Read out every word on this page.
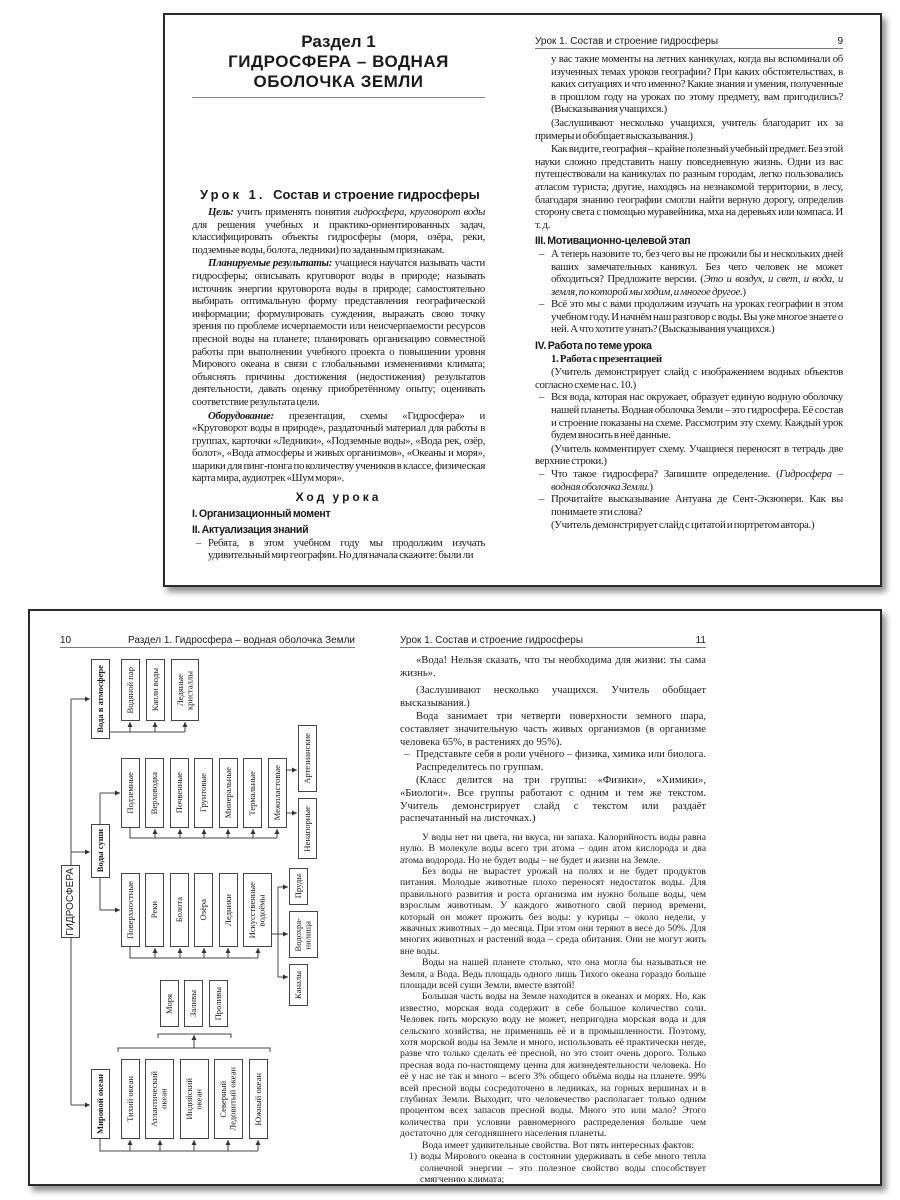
Раздел 1
ГИДРОСФЕРА – ВОДНАЯ ОБОЛОЧКА ЗЕМЛИ
Урок 1. Состав и строение гидросферы

Цель: учить применять понятия гидросфера, круговорот воды для решения учебных и практико-ориентированных задач, классифицировать объекты гидросферы (моря, озёра, реки, подземные воды, болота, ледники) по заданным признакам.

Планируемые результаты: учащиеся научатся называть части гидросферы; описывать круговорот воды в природе; называть источник энергии круговорота воды в природе; самостоятельно выбирать оптимальную форму представления географической информации; формулировать суждения, выражать свою точку зрения по проблеме исчерпаемости или неисчерпаемости ресурсов пресной воды на планете; планировать организацию совместной работы при выполнении учебного проекта о повышении уровня Мирового океана в связи с глобальными изменениями климата; объяснять причины достижения (недостижения) результатов деятельности, давать оценку приобретённому опыту; оценивать соответствие результата цели.

Оборудование: презентация, схемы «Гидросфера» и «Круговорот воды в природе», раздаточный материал для работы в группах, карточки «Ледники», «Подземные воды», «Вода рек, озёр, болот», «Вода атмосферы и живых организмов», «Океаны и моря», шарики для пинг-понга по количеству учеников в классе, физическая карта мира, аудиотрек «Шум моря».

Ход урока

I. Организационный момент

II. Актуализация знаний

– Ребята, в этом учебном году мы продолжим изучать удивительный мир географии. Но для начала скажите: были ли

Урок 1. Состав и строение гидросферы	9

у вас такие моменты на летних каникулах, когда вы вспоминали об изученных темах уроков географии? При каких обстоятельствах, в каких ситуациях и что именно? Какие знания и умения, полученные в прошлом году на уроках по этому предмету, вам пригодились? (Высказывания учащихся.)

(Заслушивают несколько учащихся, учитель благодарит их за примеры и обобщает высказывания.)

Как видите, география – крайне полезный учебный предмет. Без этой науки сложно представить нашу повседневную жизнь. Одни из вас путешествовали на каникулах по разным городам, легко пользовались атласом туриста; другие, находясь на незнакомой территории, в лесу, благодаря знанию географии смогли найти верную дорогу, определив сторону света с помощью муравейника, мха на деревьях или компаса. И т. д.

III. Мотивационно-целевой этап

– А теперь назовите то, без чего вы не прожили бы и нескольких дней ваших замечательных каникул. Без чего человек не может обходиться? Предложите версии. (Это и воздух, и свет, и вода, и земля, по которой мы ходим, и многое другое.)

– Всё это мы с вами продолжим изучать на уроках географии в этом учебном году. И начнём наш разговор с воды. Вы уже многое знаете о ней. А что хотите узнать? (Высказывания учащихся.)

IV. Работа по теме урока

1. Работа с презентацией

(Учитель демонстрирует слайд с изображением водных объектов согласно схеме на с. 10.)

– Вся вода, которая нас окружает, образует единую водную оболочку нашей планеты. Водная оболочка Земли – это гидросфера. Её состав и строение показаны на схеме. Рассмотрим эту схему. Каждый урок будем вносить в неё данные.

(Учитель комментирует схему. Учащиеся переносят в тетрадь две верхние строки.)

– Что такое гидросфера? Запишите определение. (Гидросфера – водная оболочка Земли.)

– Прочитайте высказывание Антуана де Сент-Экзюпери. Как вы понимаете эти слова?

(Учитель демонстрирует слайд с цитатой и портретом автора.)

10	Раздел 1. Гидросфера – водная оболочка Земли
ГИДРОСФЕРА
Вода в атмосфере Водяной пар Капли воды Ледяные
кристаллы
Воды суши
Подземные Верховодка Почвенные Грунтовые Минеральные Термальные Межпластовые
Артезианские
Ненапорные
Поверхностные Реки Болота Озёра Ледники Искусственные
водоёмы
Пруды
Водохра-
нилища
Каналы
Моря Заливы Проливы
Мировой океан Тихий океан Атлантический
океан Индийский
океан Северный
Ледовитый океан Южный океан
Урок 1. Состав и строение гидросферы	11

«Вода! Нельзя сказать, что ты необходима для жизни: ты сама жизнь».

(Заслушивают несколько учащихся. Учитель обобщает высказывания.)

Вода занимает три четверти поверхности земного шара, составляет значительную часть живых организмов (в организме человека 65%, в растениях до 95%).

– Представьте себя в роли учёного – физика, химика или биолога. Распределитесь по группам.

(Класс делится на три группы: «Физики», «Химики», «Биологи». Все группы работают с одним и тем же текстом. Учитель демонстрирует слайд с текстом или раздаёт распечатанный на листочках.)

У воды нет ни цвета, ни вкуса, ни запаха. Калорийность воды равна нулю. В молекуле воды всего три атома – один атом кислорода и два атома водорода. Но не будет воды – не будет и жизни на Земле.

Без воды не вырастет урожай на полях и не будет продуктов питания. Молодые животные плохо переносят недостаток воды. Для правильного развития и роста организма им нужно больше воды, чем взрослым животным. У каждого животного свой период времени, который он может прожить без воды: у курицы – около недели, у жвачных животных – до месяца. При этом они теряют в весе до 50%. Для многих животных и растений вода – среда обитания. Они не могут жить вне воды.

Воды на нашей планете столько, что она могла бы называться не Земля, а Вода. Ведь площадь одного лишь Тихого океана гораздо больше площади всей суши Земли, вместе взятой!

Большая часть воды на Земле находится в океанах и морях. Но, как известно, морская вода содержит в себе большое количество соли. Человек пить морскую воду не может, непригодна морская вода и для сельского хозяйства, не применишь её и в промышленности. Поэтому, хотя морской воды на Земле и много, использовать её практически негде, разве что только сделать её пресной, но это стоит очень дорого. Только пресная вода по-настоящему ценна для жизнедеятельности человека. Но её у нас не так и много – всего 3% общего объёма воды на планете. 99% всей пресной воды сосредоточено в ледниках, на горных вершинах и в глубинах Земли. Выходит, что человечество располагает только одним процентом всех запасов пресной воды. Много это или мало? Этого количества при условии равномерного распределения больше чем достаточно для сегодняшнего населения планеты.

Вода имеет удивительные свойства. Вот пять интересных фактов:

1) воды Мирового океана в состоянии удерживать в себе много тепла солнечной энергии – это полезное свойство воды способствует смягчению климата;
